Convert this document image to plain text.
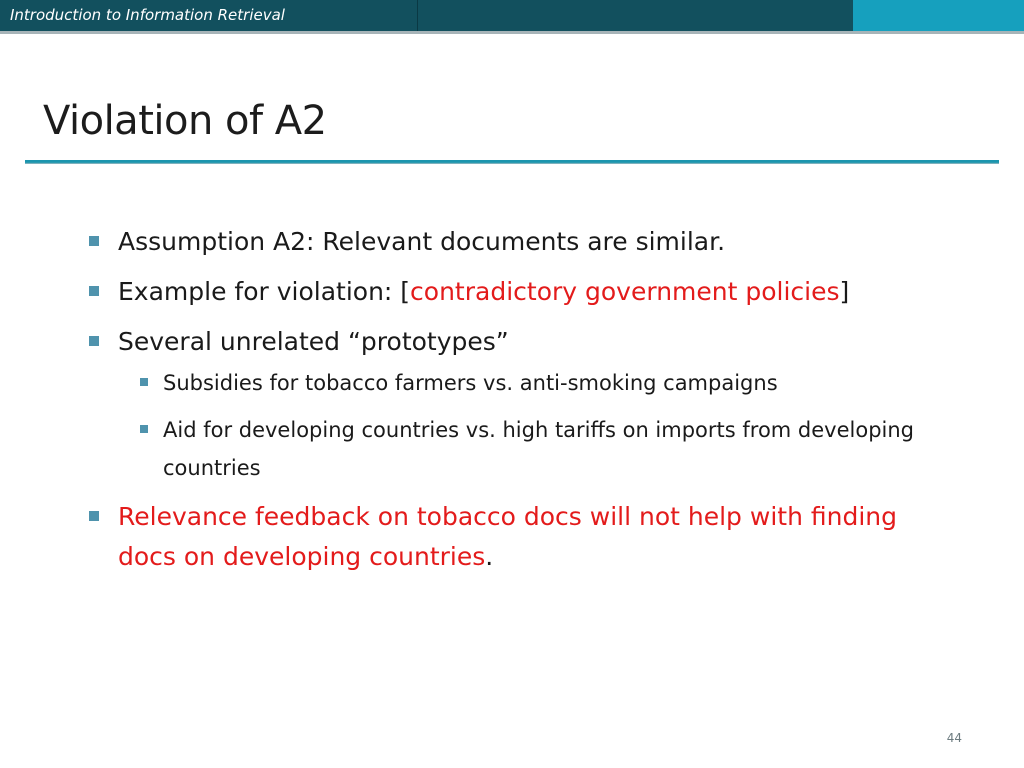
Introduction to Information Retrieval
Violation of A2
Assumption A2: Relevant documents are similar.
Example for violation: [contradictory government policies]
Several unrelated “prototypes”
Subsidies for tobacco farmers vs. anti-smoking campaigns
Aid for developing countries vs. high tariffs on imports from developing countries
Relevance feedback on tobacco docs will not help with finding docs on developing countries.
44
